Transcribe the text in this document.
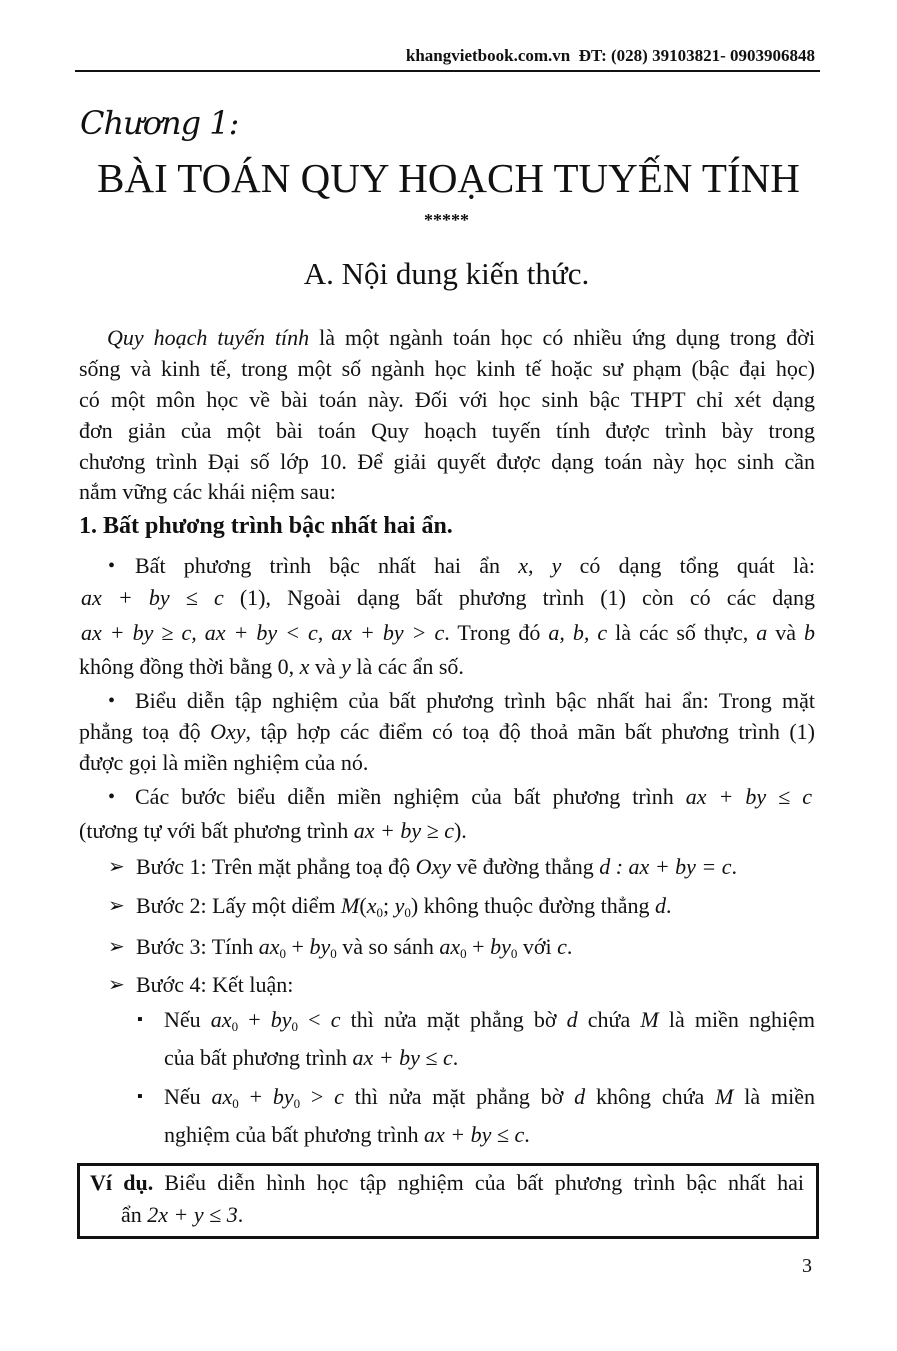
khangvietbook.com.vn  ĐT: (028) 39103821- 0903906848
Chương 1:
BÀI TOÁN QUY HOẠCH TUYẾN TÍNH
*****
A. Nội dung kiến thức.
1. Bất phương trình bậc nhất hai ẩn.
3
Quy hoạch tuyến tính là một ngành toán học có nhiều ứng dụng trong đời
sống và kinh tế, trong một số ngành học kinh tế hoặc sư phạm (bậc đại học)
có một môn học về bài toán này. Đối với học sinh bậc THPT chỉ xét dạng
đơn giản của một bài toán Quy hoạch tuyến tính được trình bày trong
chương trình Đại số lớp 10. Để giải quyết được dạng toán này học sinh cần
nắm vững các khái niệm sau:
Bất phương trình bậc nhất hai ẩn x, y có dạng tổng quát là:
•
ax + by ≤ c (1), Ngoài dạng bất phương trình (1) còn có các dạng
ax + by ≥ c, ax + by < c, ax + by > c. Trong đó a, b, c là các số thực, a và b
không đồng thời bằng 0, x và y là các ẩn số.
Biểu diễn tập nghiệm của bất phương trình bậc nhất hai ẩn: Trong mặt
•
phẳng toạ độ Oxy, tập hợp các điểm có toạ độ thoả mãn bất phương trình (1)
được gọi là miền nghiệm của nó.
Các bước biểu diễn miền nghiệm của bất phương trình ax + by ≤ c
•
(tương tự với bất phương trình ax + by ≥ c).
Bước 1: Trên mặt phẳng toạ độ Oxy vẽ đường thẳng d : ax + by = c.
➢
Bước 2: Lấy một diểm $M(x_0$; $y_0$) không thuộc đường thẳng d.
➢
Bước 3: Tính $ax_0 + by_0$ và so sánh $ax_0 + by_0$ với c.
➢
Bước 4: Kết luận:
➢
Nếu $ax_0 + by_0 < c$ thì nửa mặt phẳng bờ d chứa M là miền nghiệm
▪
của bất phương trình ax + by ≤ c.
Nếu $ax_0 + by_0 > c$ thì nửa mặt phẳng bờ d không chứa M là miền
▪
nghiệm của bất phương trình ax + by ≤ c.
Ví dụ. Biểu diễn hình học tập nghiệm của bất phương trình bậc nhất hai
ẩn 2x + y ≤ 3.
